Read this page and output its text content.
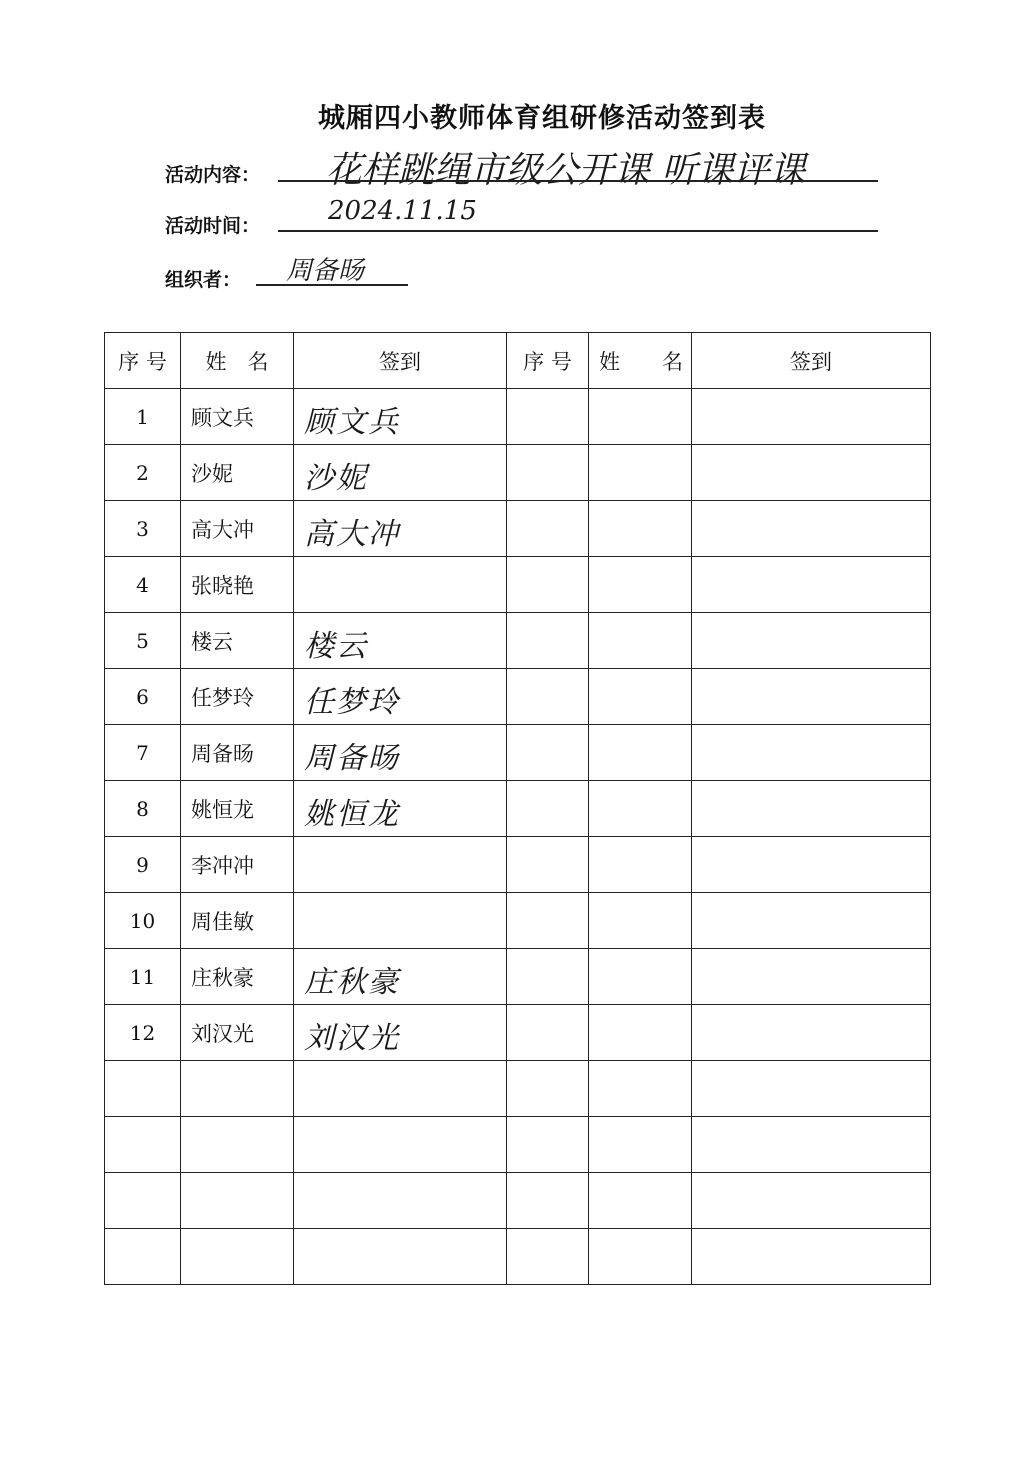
城厢四小教师体育组研修活动签到表
活动内容： 花样跳绳市级公开课 听课评课
活动时间：	2024.11.15
组织者： 周备旸
序 号	姓　名	签到	序 号	姓　　名	签到
1	顾文兵	顾文兵			

2	沙妮	沙妮			

3	高大冲	高大冲			

4	张晓艳	

5	楼云	楼云			

6	任梦玲	任梦玲			

7	周备旸	周备旸			

8	姚恒龙	姚恒龙			

9	李冲冲	

10	周佳敏	

11	庄秋豪	庄秋豪			

12	刘汉光	刘汉光			
